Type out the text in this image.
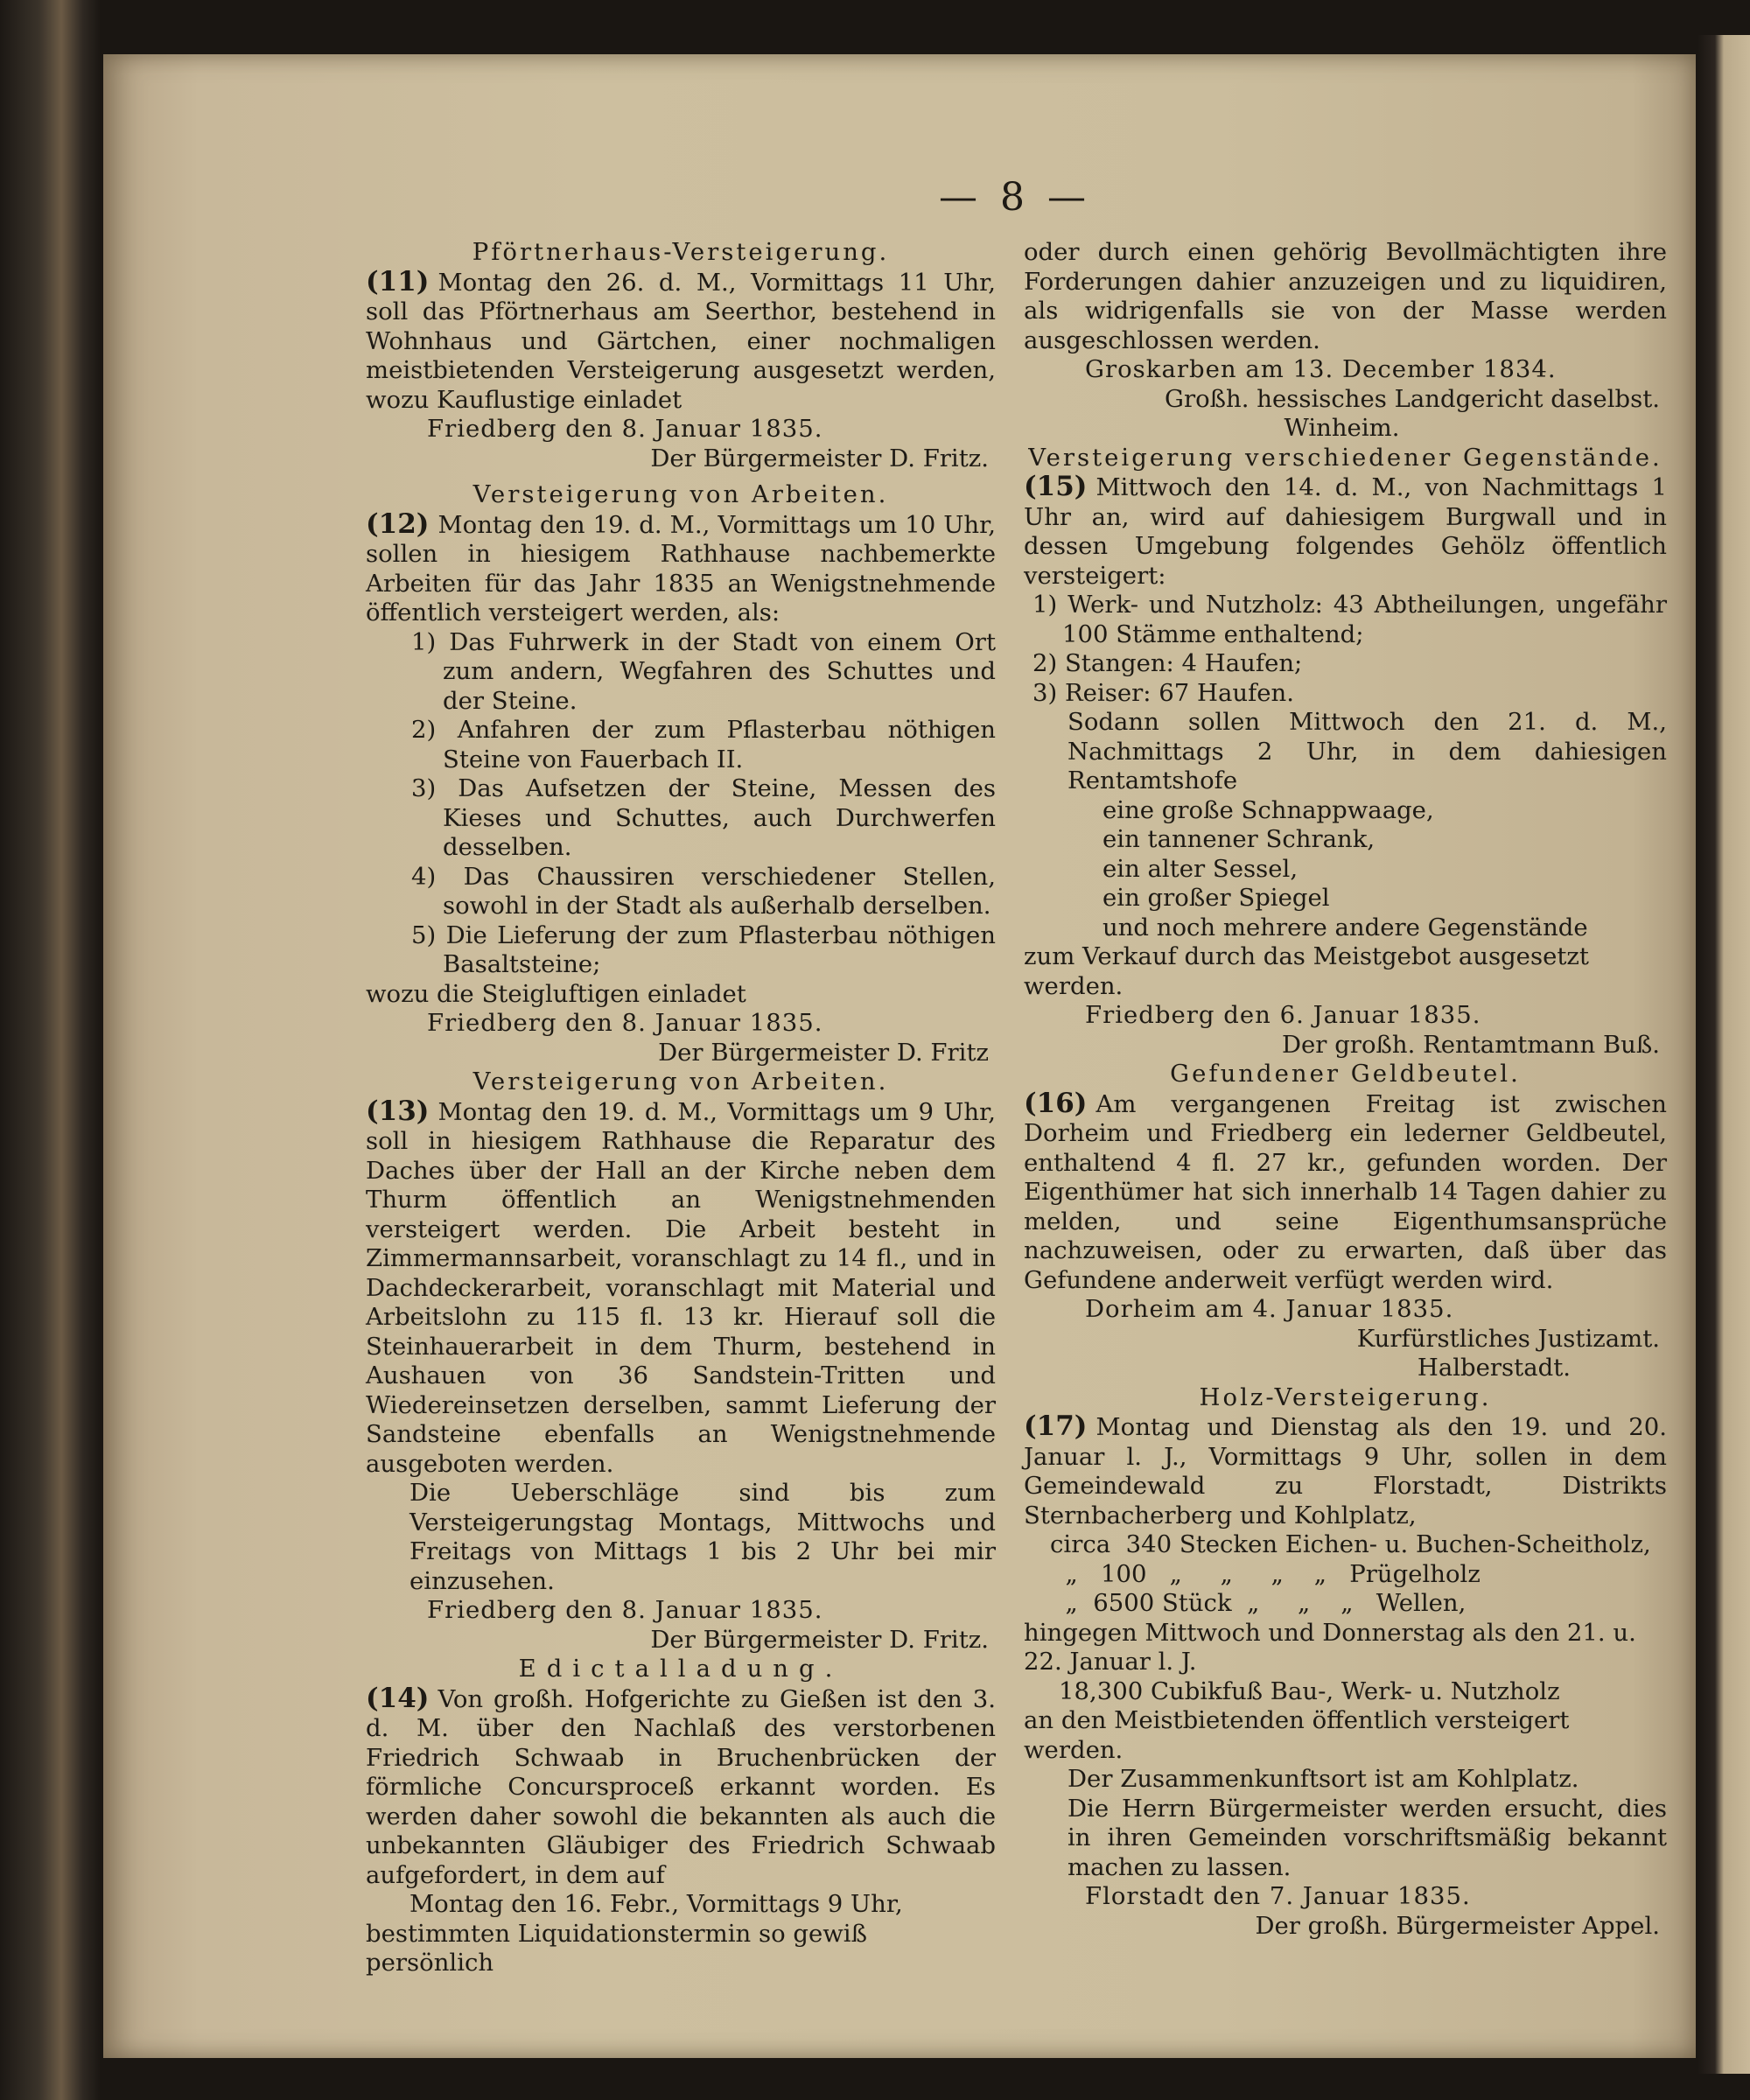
— 8 —

Pförtnerhaus-Versteigerung.

(11) Montag den 26. d. M., Vormittags 11 Uhr, soll das Pförtnerhaus am Seerthor, bestehend in Wohnhaus und Gärtchen, einer nochmaligen meistbietenden Versteigerung ausgesetzt werden, wozu Kauflustige einladet

Friedberg den 8. Januar 1835.

Der Bürgermeister D. Fritz.

Versteigerung von Arbeiten.

(12) Montag den 19. d. M., Vormittags um 10 Uhr, sollen in hiesigem Rathhause nachbemerkte Arbeiten für das Jahr 1835 an Wenigstnehmende öffentlich versteigert werden, als:

1) Das Fuhrwerk in der Stadt von einem Ort zum andern, Wegfahren des Schuttes und der Steine.

2) Anfahren der zum Pflasterbau nöthigen Steine von Fauerbach II.

3) Das Aufsetzen der Steine, Messen des Kieses und Schuttes, auch Durchwerfen desselben.

4) Das Chaussiren verschiedener Stellen, sowohl in der Stadt als außerhalb derselben.

5) Die Lieferung der zum Pflasterbau nöthigen Basaltsteine;

wozu die Steigluftigen einladet

Friedberg den 8. Januar 1835.

Der Bürgermeister D. Fritz

Versteigerung von Arbeiten.

(13) Montag den 19. d. M., Vormittags um 9 Uhr, soll in hiesigem Rathhause die Reparatur des Daches über der Hall an der Kirche neben dem Thurm öffentlich an Wenigstnehmenden versteigert werden. Die Arbeit besteht in Zimmermannsarbeit, voranschlagt zu 14 fl., und in Dachdeckerarbeit, voranschlagt mit Material und Arbeitslohn zu 115 fl. 13 kr. Hierauf soll die Steinhauerarbeit in dem Thurm, bestehend in Aushauen von 36 Sandstein-Tritten und Wiedereinsetzen derselben, sammt Lieferung der Sandsteine ebenfalls an Wenigstnehmende ausgeboten werden.

Die Ueberschläge sind bis zum Versteigerungstag Montags, Mittwochs und Freitags von Mittags 1 bis 2 Uhr bei mir einzusehen.

Friedberg den 8. Januar 1835.

Der Bürgermeister D. Fritz.

Edictalladung.

(14) Von großh. Hofgerichte zu Gießen ist den 3. d. M. über den Nachlaß des verstorbenen Friedrich Schwaab in Bruchenbrücken der förmliche Concursproceß erkannt worden. Es werden daher sowohl die bekannten als auch die unbekannten Gläubiger des Friedrich Schwaab aufgefordert, in dem auf

Montag den 16. Febr., Vormittags 9 Uhr,

bestimmten Liquidationstermin so gewiß persönlich

oder durch einen gehörig Bevollmächtigten ihre Forderungen dahier anzuzeigen und zu liquidiren, als widrigenfalls sie von der Masse werden ausgeschlossen werden.

Groskarben am 13. December 1834.

Großh. hessisches Landgericht daselbst.

Winheim.

Versteigerung verschiedener Gegenstände.

(15) Mittwoch den 14. d. M., von Nachmittags 1 Uhr an, wird auf dahiesigem Burgwall und in dessen Umgebung folgendes Gehölz öffentlich versteigert:

1) Werk- und Nutzholz: 43 Abtheilungen, ungefähr 100 Stämme enthaltend;

2) Stangen: 4 Haufen;

3) Reiser: 67 Haufen.

Sodann sollen Mittwoch den 21. d. M., Nachmittags 2 Uhr, in dem dahiesigen Rentamtshofe

eine große Schnappwaage,

ein tannener Schrank,

ein alter Sessel,

ein großer Spiegel

und noch mehrere andere Gegenstände

zum Verkauf durch das Meistgebot ausgesetzt werden.

Friedberg den 6. Januar 1835.

Der großh. Rentamtmann Buß.

Gefundener Geldbeutel.

(16) Am vergangenen Freitag ist zwischen Dorheim und Friedberg ein lederner Geldbeutel, enthaltend 4 fl. 27 kr., gefunden worden. Der Eigenthümer hat sich innerhalb 14 Tagen dahier zu melden, und seine Eigenthumsansprüche nachzuweisen, oder zu erwarten, daß über das Gefundene anderweit verfügt werden wird.

Dorheim am 4. Januar 1835.

Kurfürstliches Justizamt.

Halberstadt.

Holz-Versteigerung.

(17) Montag und Dienstag als den 19. und 20. Januar l. J., Vormittags 9 Uhr, sollen in dem Gemeindewald zu Florstadt, Distrikts Sternbacherberg und Kohlplatz,

circa  340 Stecken Eichen- u. Buchen-Scheitholz,

„   100   „     „     „    „   Prügelholz

„  6500 Stück  „     „    „   Wellen,

hingegen Mittwoch und Donnerstag als den 21. u. 22. Januar l. J.

18,300 Cubikfuß Bau-, Werk- u. Nutzholz

an den Meistbietenden öffentlich versteigert werden.

Der Zusammenkunftsort ist am Kohlplatz.

Die Herrn Bürgermeister werden ersucht, dies in ihren Gemeinden vorschriftsmäßig bekannt machen zu lassen.

Florstadt den 7. Januar 1835.

Der großh. Bürgermeister Appel.
